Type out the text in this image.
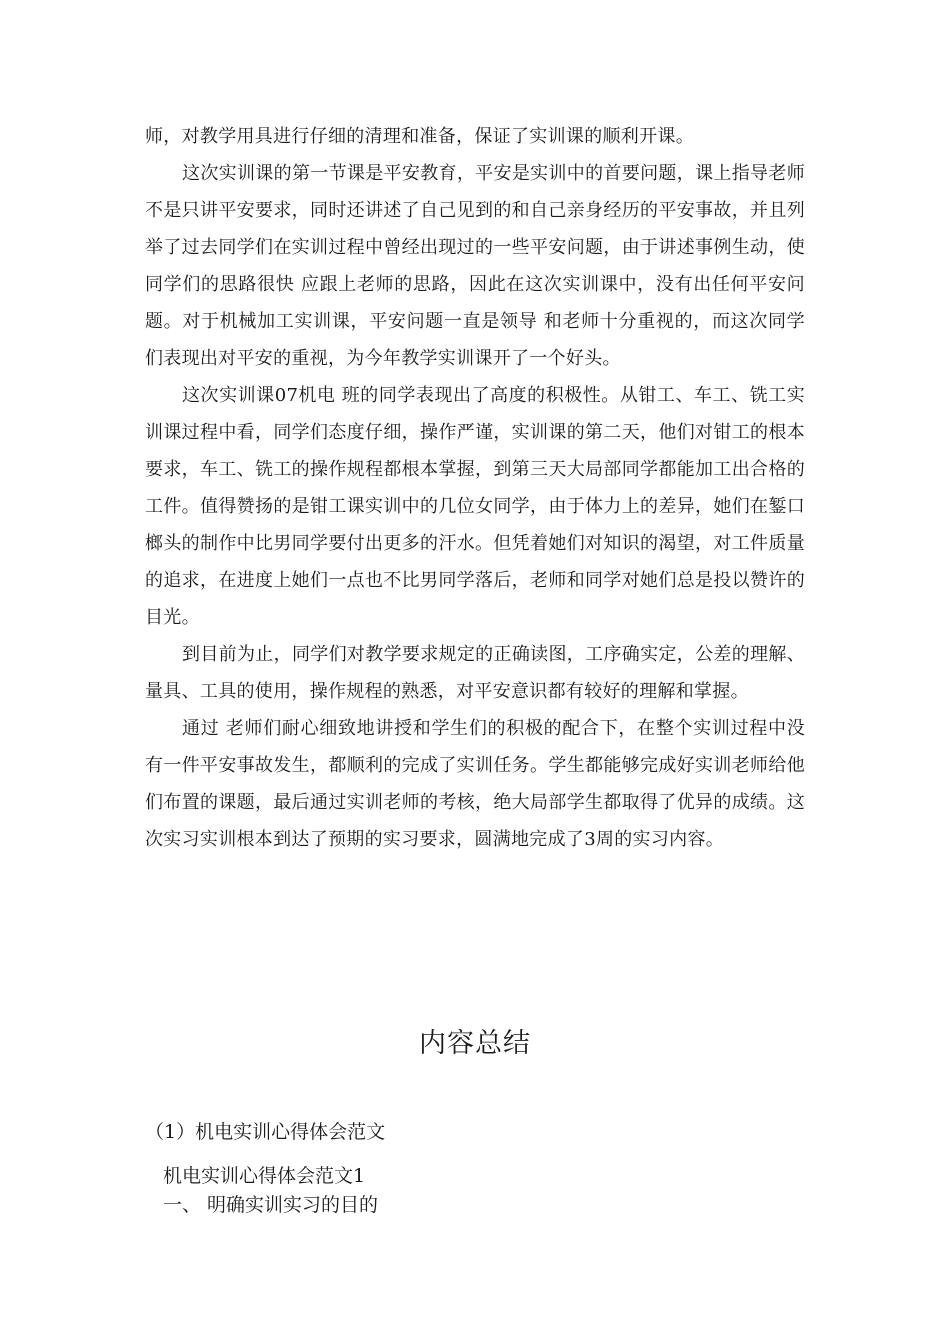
师，对教学用具进行仔细的清理和准备，保证了实训课的顺利开课。

这次实训课的第一节课是平安教育，平安是实训中的首要问题，课上指导老师不是只讲平安要求，同时还讲述了自己见到的和自己亲身经历的平安事故，并且列举了过去同学们在实训过程中曾经出现过的一些平安问题，由于讲述事例生动，使同学们的思路很快 应跟上老师的思路，因此在这次实训课中，没有出任何平安问题。对于机械加工实训课，平安问题一直是领导 和老师十分重视的，而这次同学们表现出对平安的重视，为今年教学实训课开了一个好头。

这次实训课07机电 班的同学表现出了高度的积极性。从钳工、车工、铣工实训课过程中看，同学们态度仔细，操作严谨，实训课的第二天，他们对钳工的根本要求，车工、铣工的操作规程都根本掌握，到第三天大局部同学都能加工出合格的工件。值得赞扬的是钳工课实训中的几位女同学，由于体力上的差异，她们在錾口榔头的制作中比男同学要付出更多的汗水。但凭着她们对知识的渴望，对工件质量的追求，在进度上她们一点也不比男同学落后，老师和同学对她们总是投以赞许的目光。

到目前为止，同学们对教学要求规定的正确读图，工序确实定，公差的理解、量具、工具的使用，操作规程的熟悉，对平安意识都有较好的理解和掌握。

通过 老师们耐心细致地讲授和学生们的积极的配合下，在整个实训过程中没有一件平安事故发生，都顺利的完成了实训任务。学生都能够完成好实训老师给他们布置的课题，最后通过实训老师的考核，绝大局部学生都取得了优异的成绩。这次实习实训根本到达了预期的实习要求，圆满地完成了3周的实习内容。

内容总结
（1）机电实训心得体会范文
机电实训心得体会范文1
一、 明确实训实习的目的
